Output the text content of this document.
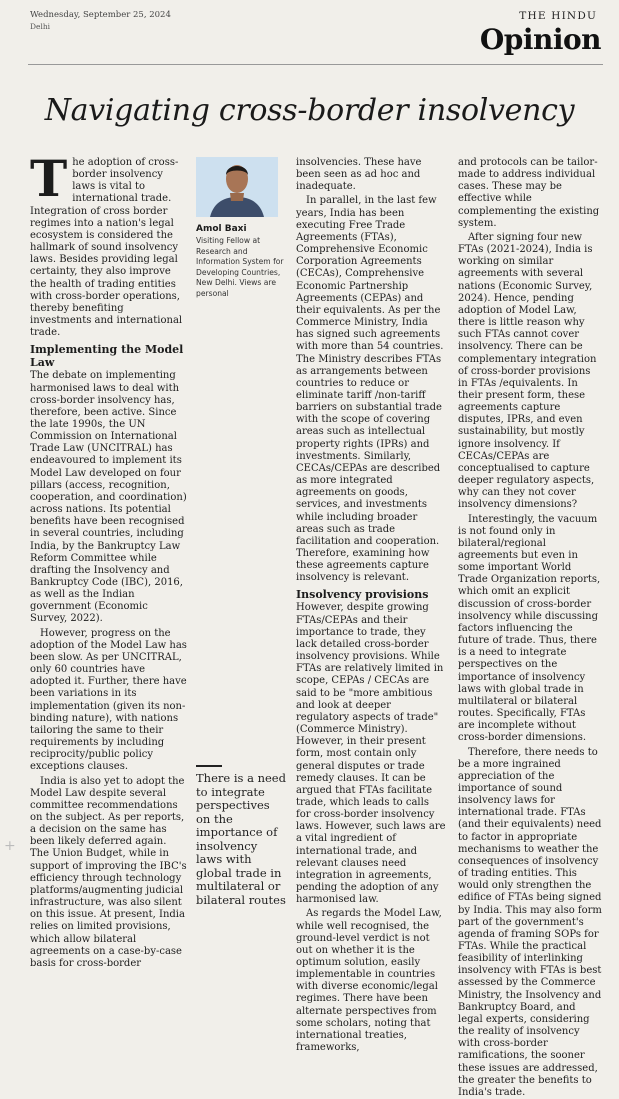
Wednesday, September 25, 2024
Delhi
THE HINDU
Opinion
Navigating cross-border insolvency

The adoption of cross-border insolvency laws is vital to international trade. Integration of cross border regimes into a nation's legal ecosystem is considered the hallmark of sound insolvency laws. Besides providing legal certainty, they also improve the health of trading entities with cross-border operations, thereby benefiting investments and international trade.

Implementing the Model Law

The debate on implementing harmonised laws to deal with cross-border insolvency has, therefore, been active. Since the late 1990s, the UN Commission on International Trade Law (UNCITRAL) has endeavoured to implement its Model Law developed on four pillars (access, recognition, cooperation, and coordination) across nations. Its potential benefits have been recognised in several countries, including India, by the Bankruptcy Law Reform Committee while drafting the Insolvency and Bankruptcy Code (IBC), 2016, as well as the Indian government (Economic Survey, 2022).

However, progress on the adoption of the Model Law has been slow. As per UNCITRAL, only 60 countries have adopted it. Further, there have been variations in its implementation (given its non-binding nature), with nations tailoring the same to their requirements by including reciprocity/public policy exceptions clauses.

India is also yet to adopt the Model Law despite several committee recommendations on the subject. As per reports, a decision on the same has been likely deferred again. The Union Budget, while in support of improving the IBC's efficiency through technology platforms/augmenting judicial infrastructure, was also silent on this issue. At present, India relies on limited provisions, which allow bilateral agreements on a case-by-case basis for cross-border

Amol Baxi
Visiting Fellow at Research and Information System for Developing Countries, New Delhi. Views are personal
There is a need to integrate perspectives on the importance of insolvency laws with global trade in multilateral or bilateral routes

insolvencies. These have been seen as ad hoc and inadequate.

In parallel, in the last few years, India has been executing Free Trade Agreements (FTAs), Comprehensive Economic Corporation Agreements (CECAs), Comprehensive Economic Partnership Agreements (CEPAs) and their equivalents. As per the Commerce Ministry, India has signed such agreements with more than 54 countries. The Ministry describes FTAs as arrangements between countries to reduce or eliminate tariff /non-tariff barriers on substantial trade with the scope of covering areas such as intellectual property rights (IPRs) and investments. Similarly, CECAs/CEPAs are described as more integrated agreements on goods, services, and investments while including broader areas such as trade facilitation and cooperation. Therefore, examining how these agreements capture insolvency is relevant.

Insolvency provisions

However, despite growing FTAs/CEPAs and their importance to trade, they lack detailed cross-border insolvency provisions. While FTAs are relatively limited in scope, CEPAs / CECAs are said to be "more ambitious and look at deeper regulatory aspects of trade" (Commerce Ministry). However, in their present form, most contain only general disputes or trade remedy clauses. It can be argued that FTAs facilitate trade, which leads to calls for cross-border insolvency laws. However, such laws are a vital ingredient of international trade, and relevant clauses need integration in agreements, pending the adoption of any harmonised law.

As regards the Model Law, while well recognised, the ground-level verdict is not out on whether it is the optimum solution, easily implementable in countries with diverse economic/legal regimes. There have been alternate perspectives from some scholars, noting that international treaties, frameworks,

and protocols can be tailor-made to address individual cases. These may be effective while complementing the existing system.

After signing four new FTAs (2021-2024), India is working on similar agreements with several nations (Economic Survey, 2024). Hence, pending adoption of Model Law, there is little reason why such FTAs cannot cover insolvency. There can be complementary integration of cross-border provisions in FTAs /equivalents. In their present form, these agreements capture disputes, IPRs, and even sustainability, but mostly ignore insolvency. If CECAs/CEPAs are conceptualised to capture deeper regulatory aspects, why can they not cover insolvency dimensions?

Interestingly, the vacuum is not found only in bilateral/regional agreements but even in some important World Trade Organization reports, which omit an explicit discussion of cross-border insolvency while discussing factors influencing the future of trade. Thus, there is a need to integrate perspectives on the importance of insolvency laws with global trade in multilateral or bilateral routes. Specifically, FTAs are incomplete without cross-border dimensions.

Therefore, there needs to be a more ingrained appreciation of the importance of sound insolvency laws for international trade. FTAs (and their equivalents) need to factor in appropriate mechanisms to weather the consequences of insolvency of trading entities. This would only strengthen the edifice of FTAs being signed by India. This may also form part of the government's agenda of framing SOPs for FTAs. While the practical feasibility of interlinking insolvency with FTAs is best assessed by the Commerce Ministry, the Insolvency and Bankruptcy Board, and legal experts, considering the reality of insolvency with cross-border ramifications, the sooner these issues are addressed, the greater the benefits to India's trade.

+
